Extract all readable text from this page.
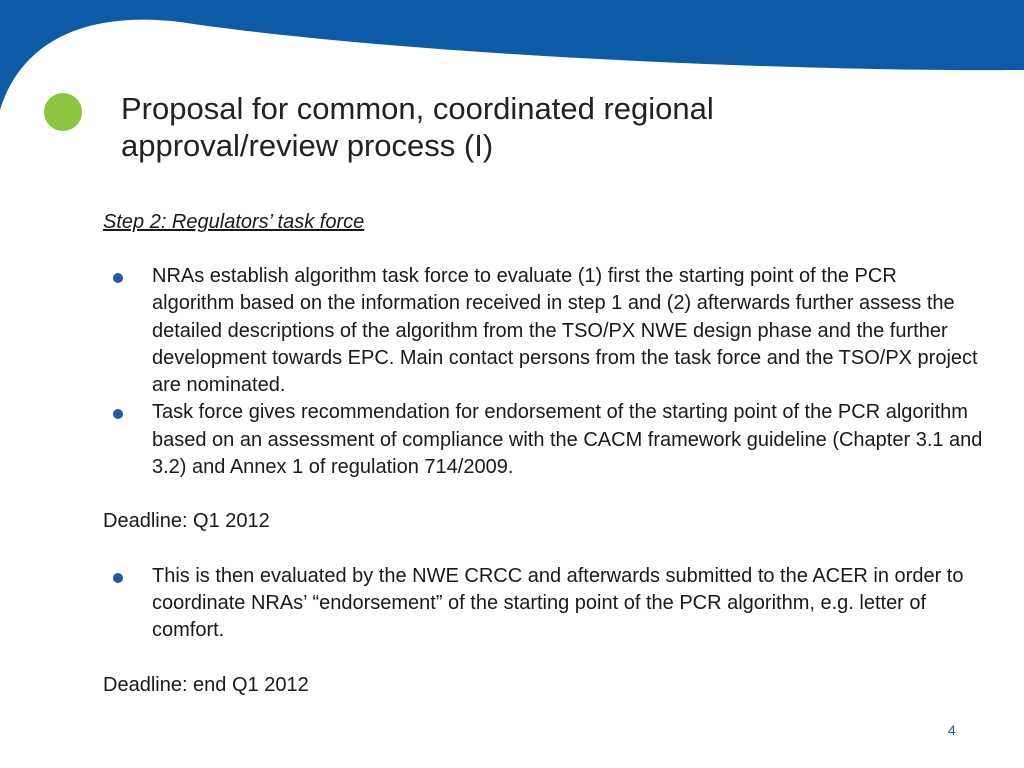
Proposal for common, coordinated regional approval/review process (I)

Step 2: Regulators’ task force

NRAs establish algorithm task force to evaluate (1) first the starting point of the PCR algorithm based on the information received in step 1 and (2) afterwards further assess the detailed descriptions of the algorithm from the TSO/PX NWE design phase and the further development towards EPC. Main contact persons from the task force and the TSO/PX project are nominated.
Task force gives recommendation for endorsement of the starting point of the PCR algorithm based on an assessment of compliance with the CACM framework guideline (Chapter 3.1 and 3.2) and Annex 1 of regulation 714/2009.

Deadline: Q1 2012

This is then evaluated by the NWE CRCC and afterwards submitted to the ACER in order to coordinate NRAs’ “endorsement” of the starting point of the PCR algorithm, e.g. letter of comfort.

Deadline: end Q1 2012

4
